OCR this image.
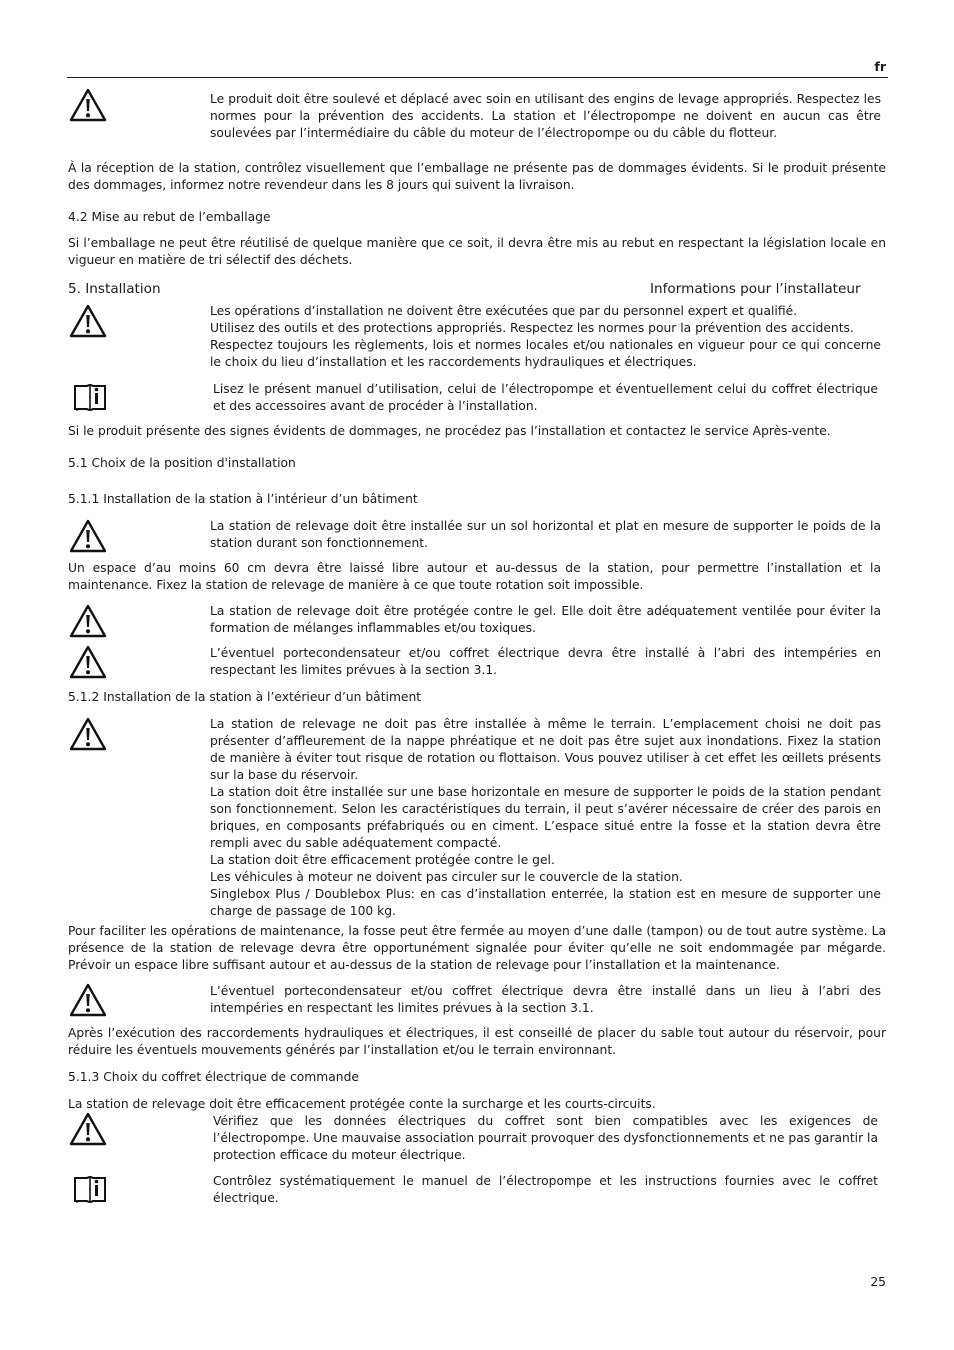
fr
Le produit doit être soulevé et déplacé avec soin en utilisant des engins de levage appropriés. Respectez les normes pour la prévention des accidents. La station et l’électropompe ne doivent en aucun cas être soulevées par l’intermédiaire du câble du moteur de l’électropompe ou du câble du flotteur.
À la réception de la station, contrôlez visuellement que l’emballage ne présente pas de dommages évidents. Si le produit présente des dommages, informez notre revendeur dans les 8 jours qui suivent la livraison.
4.2 Mise au rebut de l’emballage
Si l’emballage ne peut être réutilisé de quelque manière que ce soit, il devra être mis au rebut en respectant la législation locale en vigueur en matière de tri sélectif des déchets.
5. Installation	Informations pour l’installateur

Les opérations d’installation ne doivent être exécutées que par du personnel expert et qualifié.

Utilisez des outils et des protections appropriés. Respectez les normes pour la prévention des accidents.

Respectez toujours les règlements, lois et normes locales et/ou nationales en vigueur pour ce qui concerne le choix du lieu d’installation et les raccordements hydrauliques et électriques.

Lisez le présent manuel d’utilisation, celui de l’électropompe et éventuellement celui du coffret électrique et des accessoires avant de procéder à l’installation.
Si le produit présente des signes évidents de dommages, ne procédez pas l’installation et contactez le service Après-vente.
5.1 Choix de la position d'installation
5.1.1 Installation de la station à l’intérieur d’un bâtiment
La station de relevage doit être installée sur un sol horizontal et plat en mesure de supporter le poids de la station durant son fonctionnement.
Un espace d’au moins 60 cm devra être laissé libre autour et au-dessus de la station, pour permettre l’installation et la maintenance. Fixez la station de relevage de manière à ce que toute rotation soit impossible.
La station de relevage doit être protégée contre le gel. Elle doit être adéquatement ventilée pour éviter la formation de mélanges inflammables et/ou toxiques.
L’éventuel portecondensateur et/ou coffret électrique devra être installé à l’abri des intempéries en respectant les limites prévues à la section 3.1.
5.1.2 Installation de la station à l’extérieur d’un bâtiment

La station de relevage ne doit pas être installée à même le terrain. L’emplacement choisi ne doit pas présenter d’affleurement de la nappe phréatique et ne doit pas être sujet aux inondations. Fixez la station de manière à éviter tout risque de rotation ou flottaison. Vous pouvez utiliser à cet effet les œillets présents sur la base du réservoir.

La station doit être installée sur une base horizontale en mesure de supporter le poids de la station pendant son fonctionnement. Selon les caractéristiques du terrain, il peut s’avérer nécessaire de créer des parois en briques, en composants préfabriqués ou en ciment. L’espace situé entre la fosse et la station devra être rempli avec du sable adéquatement compacté.

La station doit être efficacement protégée contre le gel.

Les véhicules à moteur ne doivent pas circuler sur le couvercle de la station.

Singlebox Plus / Doublebox Plus: en cas d’installation enterrée, la station est en mesure de supporter une charge de passage de 100 kg.

Pour faciliter les opérations de maintenance, la fosse peut être fermée au moyen d’une dalle (tampon) ou de tout autre système. La présence de la station de relevage devra être opportunément signalée pour éviter qu’elle ne soit endommagée par mégarde. Prévoir un espace libre suffisant autour et au-dessus de la station de relevage pour l’installation et la maintenance.
L’éventuel portecondensateur et/ou coffret électrique devra être installé dans un lieu à l’abri des intempéries en respectant les limites prévues à la section 3.1.
Après l’exécution des raccordements hydrauliques et électriques, il est conseillé de placer du sable tout autour du réservoir, pour réduire les éventuels mouvements générés par l’installation et/ou le terrain environnant.
5.1.3 Choix du coffret électrique de commande
La station de relevage doit être efficacement protégée conte la surcharge et les courts-circuits.
Vérifiez que les données électriques du coffret sont bien compatibles avec les exigences de l’électropompe. Une mauvaise association pourrait provoquer des dysfonctionnements et ne pas garantir la protection efficace du moteur électrique.
Contrôlez systématiquement le manuel de l’électropompe et les instructions fournies avec le coffret électrique.
25
